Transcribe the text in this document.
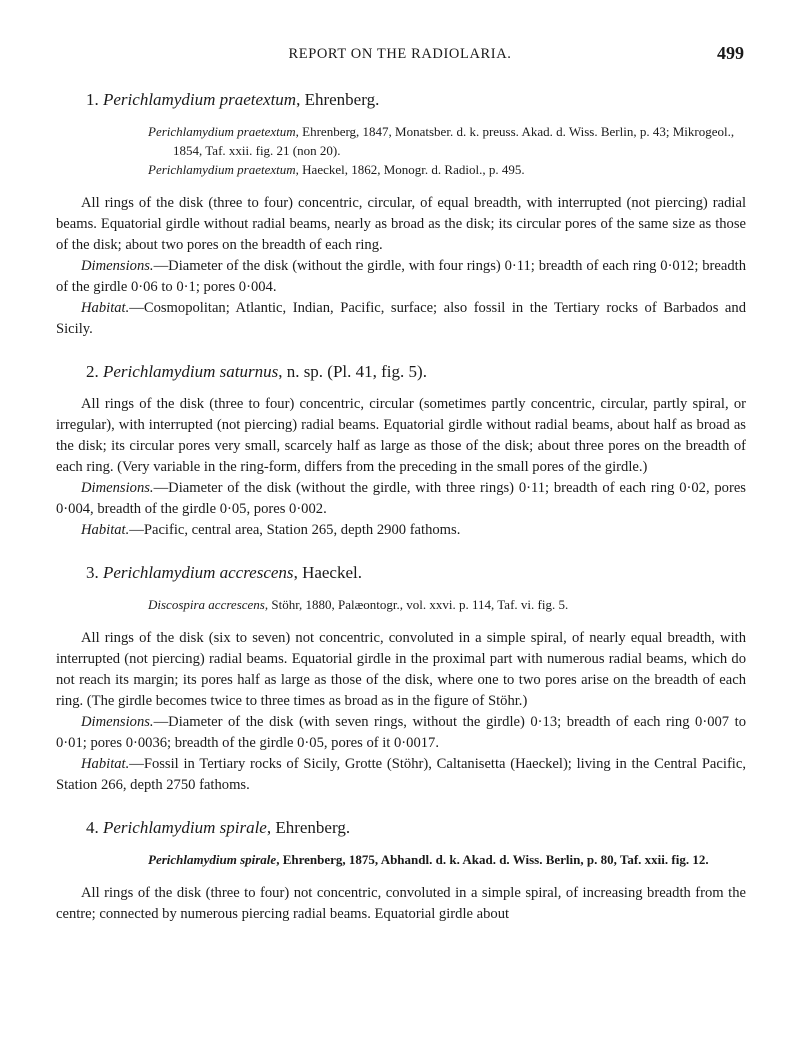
REPORT ON THE RADIOLARIA.	499
1. Perichlamydium praetextum, Ehrenberg.
Perichlamydium praetextum, Ehrenberg, 1847, Monatsber. d. k. preuss. Akad. d. Wiss. Berlin, p. 43; Mikrogeol., 1854, Taf. xxii. fig. 21 (non 20).
Perichlamydium praetextum, Haeckel, 1862, Monogr. d. Radiol., p. 495.

All rings of the disk (three to four) concentric, circular, of equal breadth, with interrupted (not piercing) radial beams. Equatorial girdle without radial beams, nearly as broad as the disk; its circular pores of the same size as those of the disk; about two pores on the breadth of each ring.

Dimensions.—Diameter of the disk (without the girdle, with four rings) 0·11; breadth of each ring 0·012; breadth of the girdle 0·06 to 0·1; pores 0·004.

Habitat.—Cosmopolitan; Atlantic, Indian, Pacific, surface; also fossil in the Tertiary rocks of Barbados and Sicily.

2. Perichlamydium saturnus, n. sp. (Pl. 41, fig. 5).

All rings of the disk (three to four) concentric, circular (sometimes partly concentric, circular, partly spiral, or irregular), with interrupted (not piercing) radial beams. Equatorial girdle without radial beams, about half as broad as the disk; its circular pores very small, scarcely half as large as those of the disk; about three pores on the breadth of each ring. (Very variable in the ring-form, differs from the preceding in the small pores of the girdle.)

Dimensions.—Diameter of the disk (without the girdle, with three rings) 0·11; breadth of each ring 0·02, pores 0·004, breadth of the girdle 0·05, pores 0·002.

Habitat.—Pacific, central area, Station 265, depth 2900 fathoms.

3. Perichlamydium accrescens, Haeckel.
Discospira accrescens, Stöhr, 1880, Palæontogr., vol. xxvi. p. 114, Taf. vi. fig. 5.

All rings of the disk (six to seven) not concentric, convoluted in a simple spiral, of nearly equal breadth, with interrupted (not piercing) radial beams. Equatorial girdle in the proximal part with numerous radial beams, which do not reach its margin; its pores half as large as those of the disk, where one to two pores arise on the breadth of each ring. (The girdle becomes twice to three times as broad as in the figure of Stöhr.)

Dimensions.—Diameter of the disk (with seven rings, without the girdle) 0·13; breadth of each ring 0·007 to 0·01; pores 0·0036; breadth of the girdle 0·05, pores of it 0·0017.

Habitat.—Fossil in Tertiary rocks of Sicily, Grotte (Stöhr), Caltanisetta (Haeckel); living in the Central Pacific, Station 266, depth 2750 fathoms.

4. Perichlamydium spirale, Ehrenberg.
Perichlamydium spirale, Ehrenberg, 1875, Abhandl. d. k. Akad. d. Wiss. Berlin, p. 80, Taf. xxii. fig. 12.

All rings of the disk (three to four) not concentric, convoluted in a simple spiral, of increasing breadth from the centre; connected by numerous piercing radial beams. Equatorial girdle about
